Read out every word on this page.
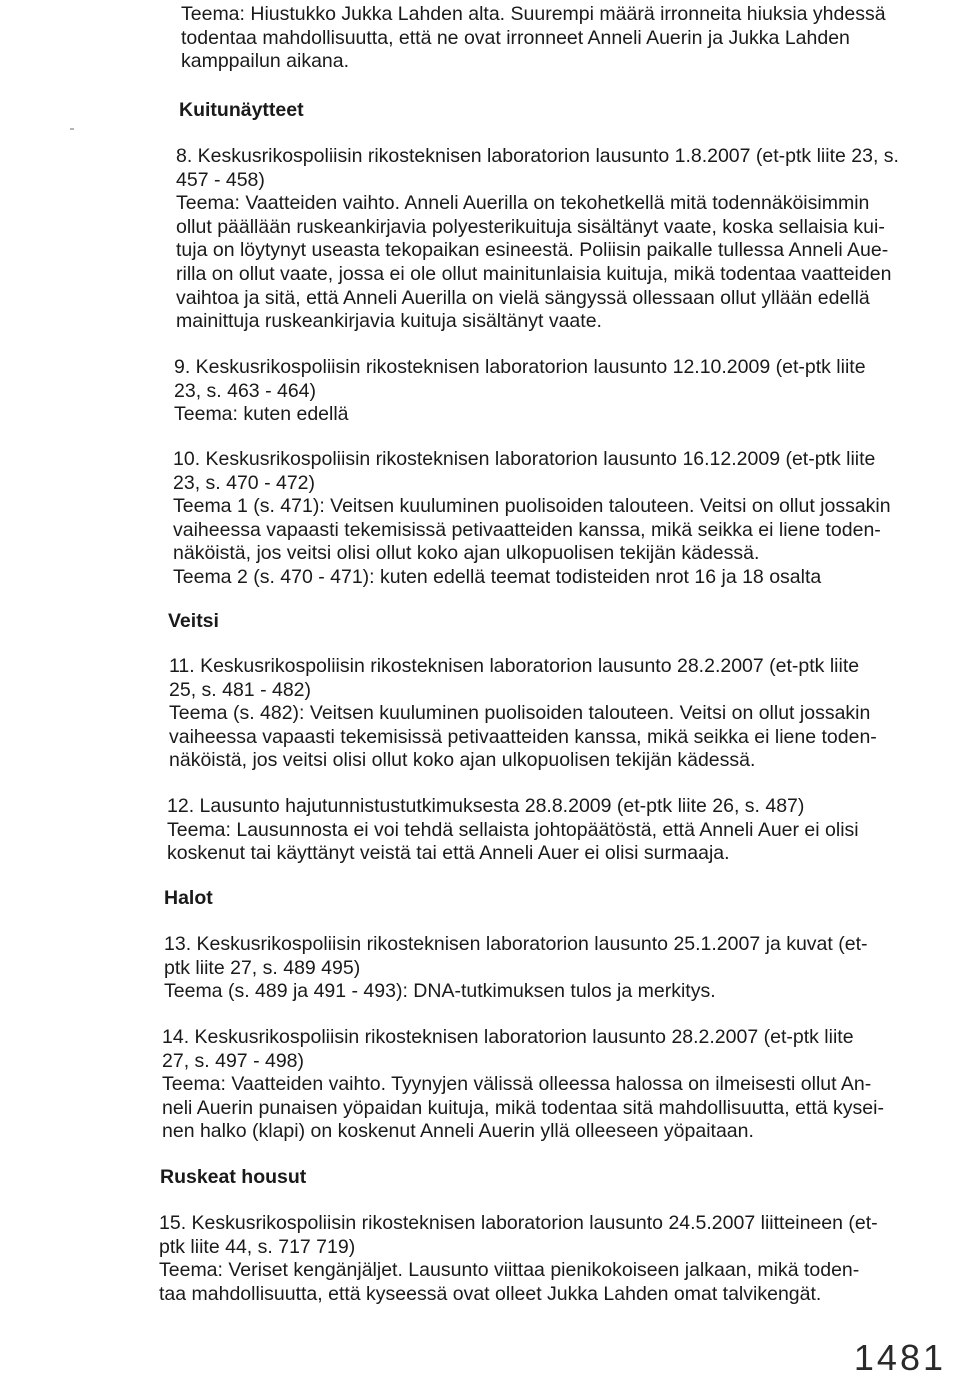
Teema: Hiustukko Jukka Lahden alta. Suurempi määrä irronneita hiuksia yhdessä
todentaa mahdollisuutta, että ne ovat irronneet Anneli Auerin ja Jukka Lahden
kamppailun aikana.
Kuitunäytteet
8. Keskusrikospoliisin rikosteknisen laboratorion lausunto 1.8.2007 (et-ptk liite 23, s.
457 - 458)
Teema: Vaatteiden vaihto. Anneli Auerilla on tekohetkellä mitä todennäköisimmin
ollut päällään ruskeankirjavia polyesterikuituja sisältänyt vaate, koska sellaisia kui-
tuja on löytynyt useasta tekopaikan esineestä. Poliisin paikalle tullessa Anneli Aue-
rilla on ollut vaate, jossa ei ole ollut mainitunlaisia kuituja, mikä todentaa vaatteiden
vaihtoa ja sitä, että Anneli Auerilla on vielä sängyssä ollessaan ollut yllään edellä
mainittuja ruskeankirjavia kuituja sisältänyt vaate.
9. Keskusrikospoliisin rikosteknisen laboratorion lausunto 12.10.2009 (et-ptk liite
23, s. 463 - 464)
Teema: kuten edellä
10. Keskusrikospoliisin rikosteknisen laboratorion lausunto 16.12.2009 (et-ptk liite
23, s. 470 - 472)
Teema 1 (s. 471): Veitsen kuuluminen puolisoiden talouteen. Veitsi on ollut jossakin
vaiheessa vapaasti tekemisissä petivaatteiden kanssa, mikä seikka ei liene toden-
näköistä, jos veitsi olisi ollut koko ajan ulkopuolisen tekijän kädessä.
Teema 2 (s. 470 - 471): kuten edellä teemat todisteiden nrot 16 ja 18 osalta
Veitsi
11. Keskusrikospoliisin rikosteknisen laboratorion lausunto 28.2.2007 (et-ptk liite
25, s. 481 - 482)
Teema (s. 482): Veitsen kuuluminen puolisoiden talouteen. Veitsi on ollut jossakin
vaiheessa vapaasti tekemisissä petivaatteiden kanssa, mikä seikka ei liene toden-
näköistä, jos veitsi olisi ollut koko ajan ulkopuolisen tekijän kädessä.
12. Lausunto hajutunnistustutkimuksesta 28.8.2009 (et-ptk liite 26, s. 487)
Teema: Lausunnosta ei voi tehdä sellaista johtopäätöstä, että Anneli Auer ei olisi
koskenut tai käyttänyt veistä tai että Anneli Auer ei olisi surmaaja.
Halot
13. Keskusrikospoliisin rikosteknisen laboratorion lausunto 25.1.2007 ja kuvat (et-
ptk liite 27, s. 489 495)
Teema (s. 489 ja 491 - 493): DNA-tutkimuksen tulos ja merkitys.
14. Keskusrikospoliisin rikosteknisen laboratorion lausunto 28.2.2007 (et-ptk liite
27, s. 497 - 498)
Teema: Vaatteiden vaihto. Tyynyjen välissä olleessa halossa on ilmeisesti ollut An-
neli Auerin punaisen yöpaidan kuituja, mikä todentaa sitä mahdollisuutta, että kysei-
nen halko (klapi) on koskenut Anneli Auerin yllä olleeseen yöpaitaan.
Ruskeat housut
15. Keskusrikospoliisin rikosteknisen laboratorion lausunto 24.5.2007 liitteineen (et-
ptk liite 44, s. 717 719)
Teema: Veriset kengänjäljet. Lausunto viittaa pienikokoiseen jalkaan, mikä toden-
taa mahdollisuutta, että kyseessä ovat olleet Jukka Lahden omat talvikengät.
1481
